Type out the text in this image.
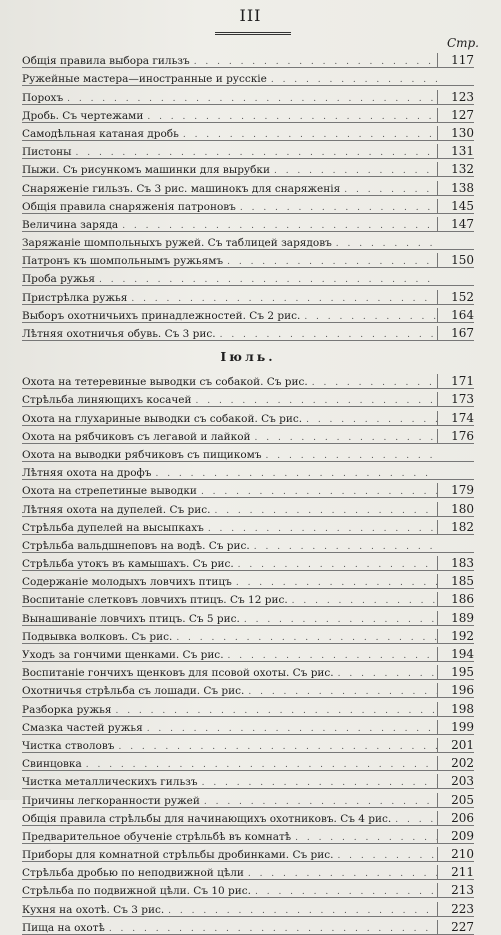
III
Стр.
Общія правила выбора гильзъ . . .	117
Ружейные мастера—иностранные и русскіе
. . .
Порохъ . . .	123
Дробь. Съ чертежами . . .	127
Самодѣльная катаная дробь . . .	130
Пистоны . . .	131
Пыжи. Съ рисункомъ машинки для вырубки . . .	132
Снаряженіе гильзъ. Съ 3 рис. машинокъ для снаряженія . . .	138
Общія правила снаряженія патроновъ . . .	145
Величина заряда . . .	147
Заряжаніе шомпольныхъ ружей. Съ таблицей зарядовъ
. . .
Патронъ къ шомпольнымъ ружьямъ . . .	150
Проба ружья
. . .
Пристрѣлка ружья . . .	152
Выборъ охотничьихъ принадлежностей. Съ 2 рис. . . .	164
Лѣтняя охотничья обувь. Съ 3 рис. . . .	167
Іюль.
Охота на тетеревиные выводки съ собакой. Съ рис. . . .	171
Стрѣльба линяющихъ косачей . . .	173
Охота на глухариные выводки съ собакой. Съ рис. . . .	174
Охота на рябчиковъ съ легавой и лайкой . . .	176
Охота на выводки рябчиковъ съ пищикомъ
. . .
Лѣтняя охота на дрофъ
. . .
Охота на стрепетиные выводки . . .	179
Лѣтняя охота на дупелей. Съ рис. . . .	180
Стрѣльба дупелей на высыпкахъ . . .	182
Стрѣльба вальдшнеповъ на водѣ. Съ рис.
. . .
Стрѣльба утокъ въ камышахъ. Съ рис. . . .	183
Содержаніе молодыхъ ловчихъ птицъ . . .	185
Воспитаніе слетковъ ловчихъ птицъ. Съ 12 рис. . . .	186
Вынашиваніе ловчихъ птицъ. Съ 5 рис. . . .	189
Подвывка волковъ. Съ рис. . . .	192
Уходъ за гончими щенками. Съ рис. . . .	194
Воспитаніе гончихъ щенковъ для псовой охоты. Съ рис. . . .	195
Охотничья стрѣльба съ лошади. Съ рис. . . .	196
Разборка ружья . . .	198
Смазка частей ружья . . .	199
Чистка стволовъ . . .	201
Свинцовка . . .	202
Чистка металлическихъ гильзъ . . .	203
Причины легкоранности ружей . . .	205
Общія правила стрѣльбы для начинающихъ охотниковъ. Съ 4 рис. . . .	206
Предварительное обученіе стрѣльбѣ въ комнатѣ . . .	209
Приборы для комнатной стрѣльбы дробинками. Съ рис. . . .	210
Стрѣльба дробью по неподвижной цѣли . . .	211
Стрѣльба по подвижной цѣли. Съ 10 рис. . . .	213
Кухня на охотѣ. Съ 3 рис. . . .	223
Пища на охотѣ . . .	227
